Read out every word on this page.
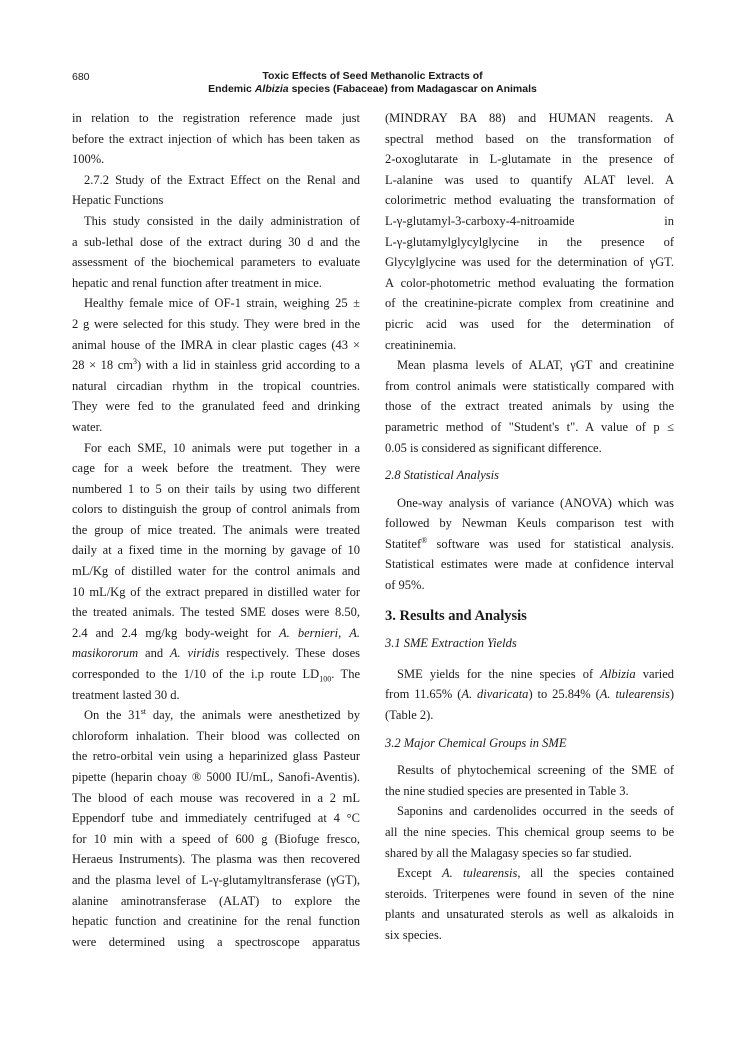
680	Toxic Effects of Seed Methanolic Extracts of
Endemic Albizia species (Fabaceae) from Madagascar on Animals
in relation to the registration reference made just
before the extract injection of which has been taken as
100%.
2.7.2 Study of the Extract Effect on the Renal and
Hepatic Functions
This study consisted in the daily administration of
a sub-lethal dose of the extract during 30 d and the
assessment of the biochemical parameters to evaluate
hepatic and renal function after treatment in mice.
Healthy female mice of OF-1 strain, weighing 25 ±
2 g were selected for this study. They were bred in the
animal house of the IMRA in clear plastic cages (43 ×
28 × 18 $cm^3$) with a lid in stainless grid according to a
natural circadian rhythm in the tropical countries.
They were fed to the granulated feed and drinking
water.
For each SME, 10 animals were put together in a
cage for a week before the treatment. They were
numbered 1 to 5 on their tails by using two different
colors to distinguish the group of control animals from
the group of mice treated. The animals were treated
daily at a fixed time in the morning by gavage of 10
mL/Kg of distilled water for the control animals and
10 mL/Kg of the extract prepared in distilled water for
the treated animals. The tested SME doses were 8.50,
2.4 and 2.4 mg/kg body-weight for A. bernieri, A.
masikororum and A. viridis respectively. These doses
corresponded to the 1/10 of the i.p route $LD_{100}$. The
treatment lasted 30 d.
On the 31st day, the animals were anesthetized by
chloroform inhalation. Their blood was collected on
the retro-orbital vein using a heparinized glass Pasteur
pipette (heparin choay ® 5000 IU/mL, Sanofi-Aventis).
The blood of each mouse was recovered in a 2 mL
Eppendorf tube and immediately centrifuged at 4 °C
for 10 min with a speed of 600 g (Biofuge fresco,
Heraeus Instruments). The plasma was then recovered
and the plasma level of L-γ-glutamyltransferase (γGT),
alanine aminotransferase (ALAT) to explore the
hepatic function and creatinine for the renal function
were determined using a spectroscope apparatus
(MINDRAY BA 88) and HUMAN reagents. A
spectral method based on the transformation of
2-oxoglutarate in L-glutamate in the presence of
L-alanine was used to quantify ALAT level. A
colorimetric method evaluating the transformation of
L-γ-glutamyl-3-carboxy-4-nitroamide	in
L-γ-glutamylglycylglycine in the presence of
Glycylglycine was used for the determination of γGT.
A color-photometric method evaluating the formation
of the creatinine-picrate complex from creatinine and
picric acid was used for the determination of
creatininemia.
Mean plasma levels of ALAT, γGT and creatinine
from control animals were statistically compared with
those of the extract treated animals by using the
parametric method of "Student's t". A value of p ≤
0.05 is considered as significant difference.
2.8 Statistical Analysis
One-way analysis of variance (ANOVA) which was
followed by Newman Keuls comparison test with
Statitef® software was used for statistical analysis.
Statistical estimates were made at confidence interval
of 95%.
3. Results and Analysis
3.1 SME Extraction Yields
SME yields for the nine species of Albizia varied
from 11.65% (A. divaricata) to 25.84% (A. tulearensis)
(Table 2).
3.2 Major Chemical Groups in SME
Results of phytochemical screening of the SME of
the nine studied species are presented in Table 3.
Saponins and cardenolides occurred in the seeds of
all the nine species. This chemical group seems to be
shared by all the Malagasy species so far studied.
Except A. tulearensis, all the species contained
steroids. Triterpenes were found in seven of the nine
plants and unsaturated sterols as well as alkaloids in
six species.
